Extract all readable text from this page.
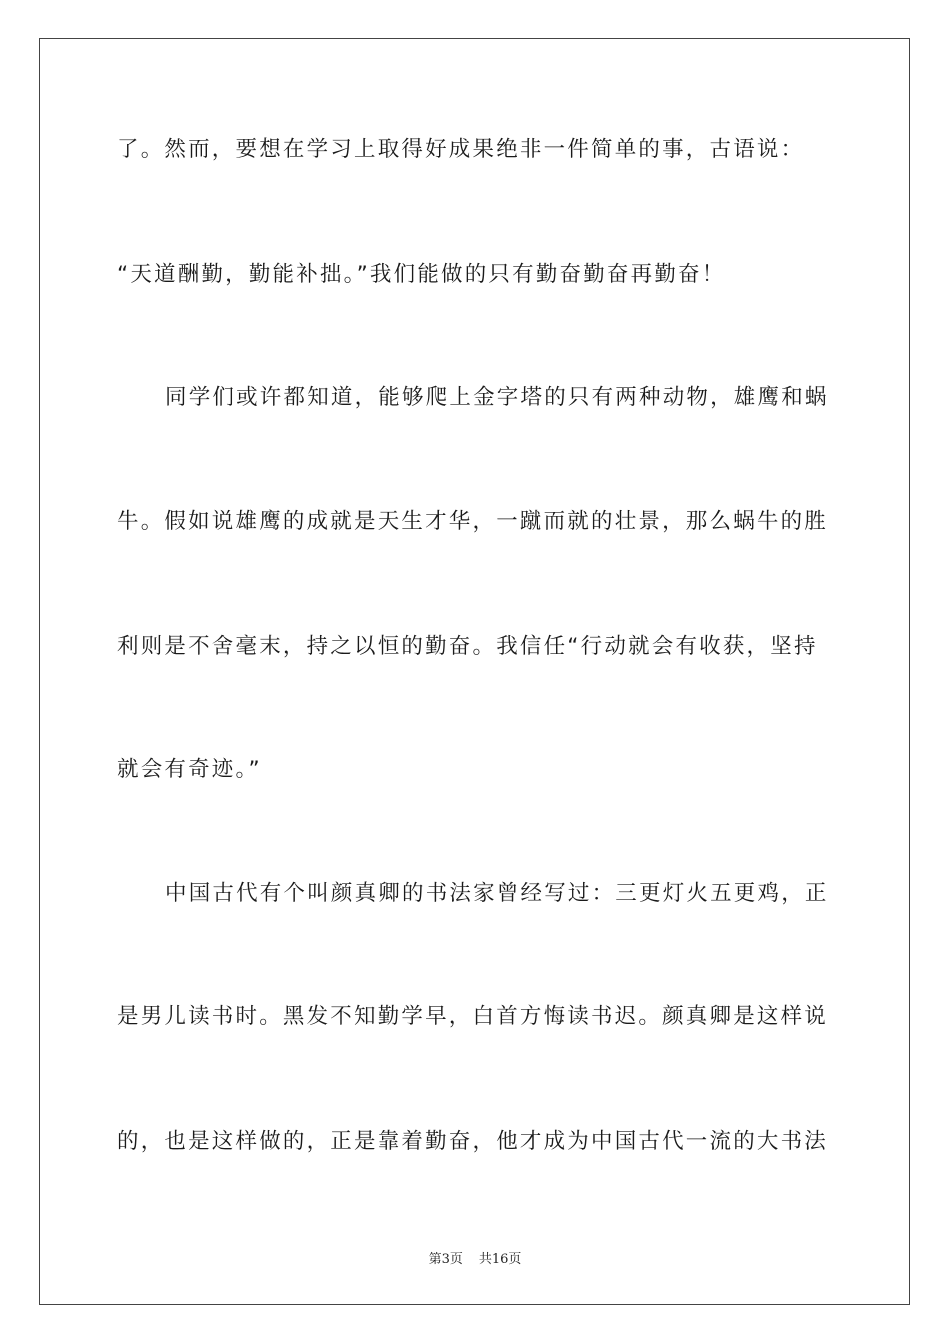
了。然而，要想在学习上取得好成果绝非一件简单的事，古语说：

“天道酬勤，勤能补拙。”我们能做的只有勤奋勤奋再勤奋！

同学们或许都知道，能够爬上金字塔的只有两种动物，雄鹰和蜗

牛。假如说雄鹰的成就是天生才华，一蹴而就的壮景，那么蜗牛的胜

利则是不舍毫末，持之以恒的勤奋。我信任“行动就会有收获，坚持

就会有奇迹。”

中国古代有个叫颜真卿的书法家曾经写过：三更灯火五更鸡，正

是男儿读书时。黑发不知勤学早，白首方悔读书迟。颜真卿是这样说

的，也是这样做的，正是靠着勤奋，他才成为中国古代一流的大书法

第3页 共16页
